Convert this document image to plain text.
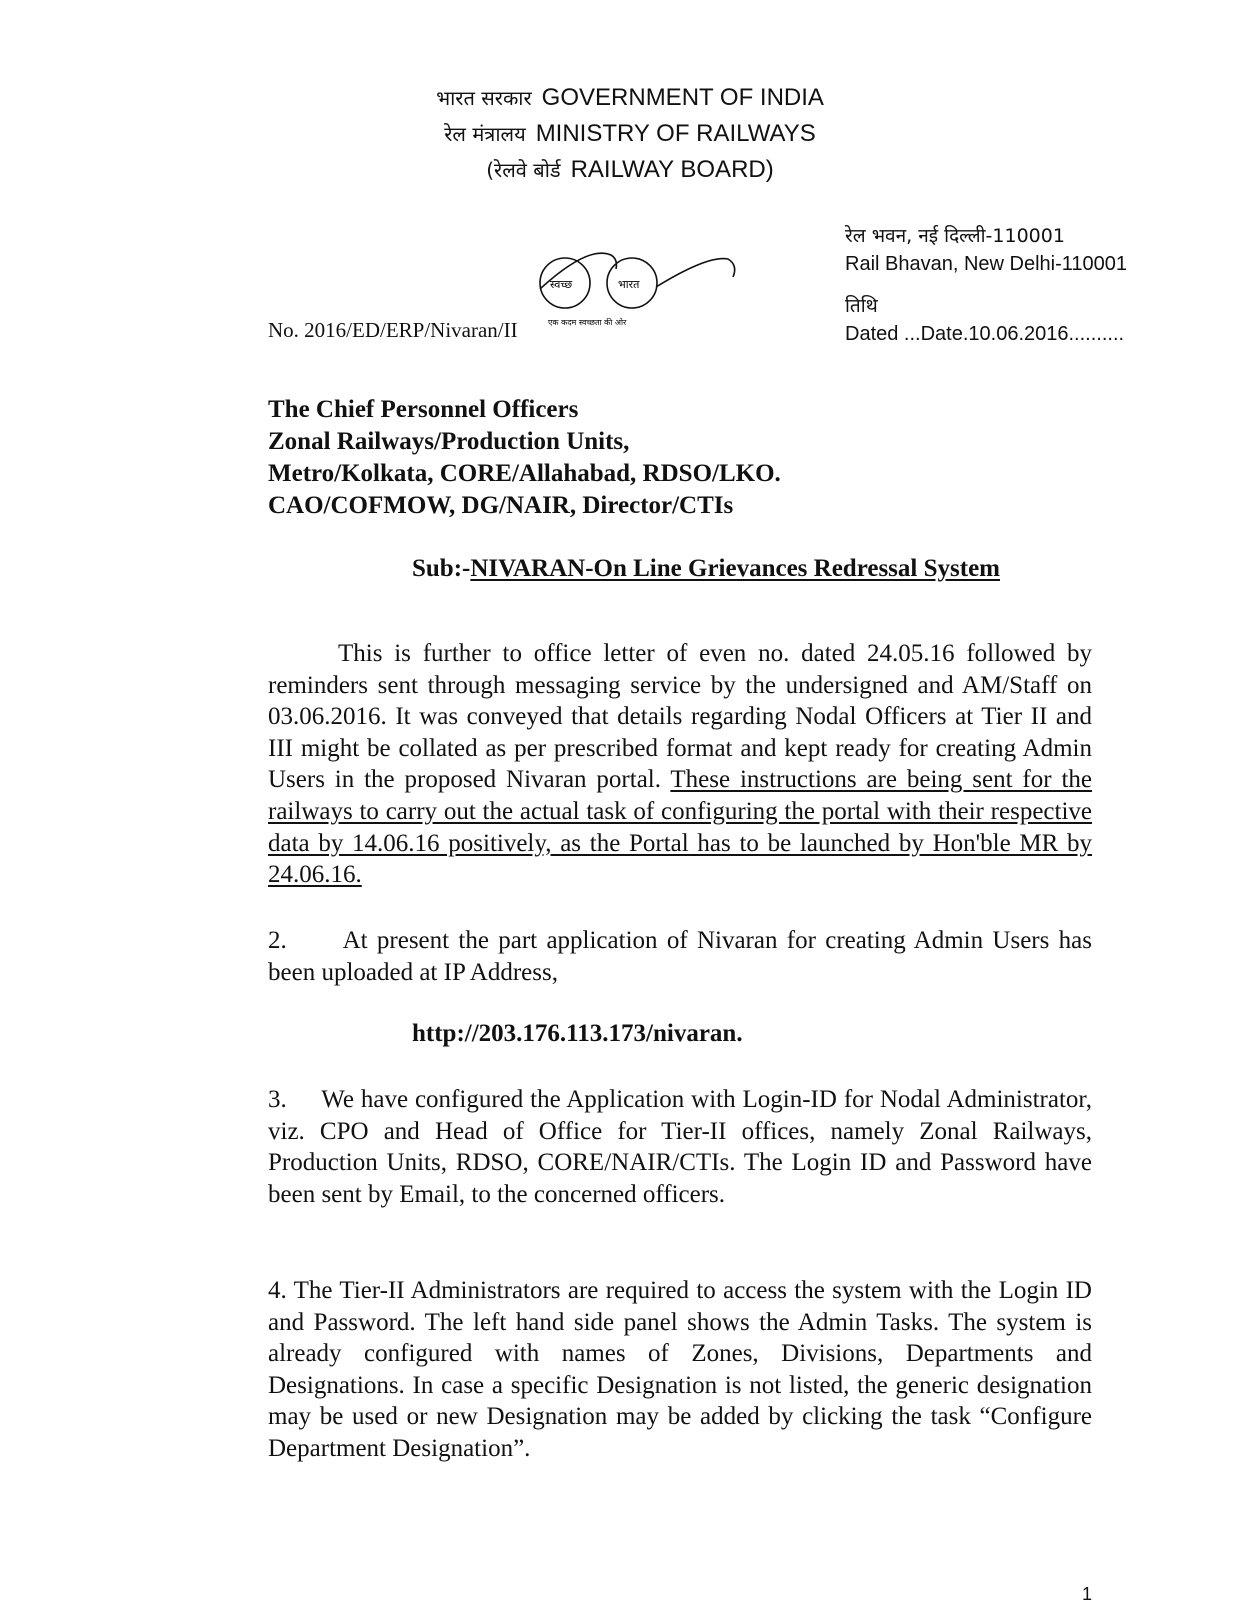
भारत सरकार GOVERNMENT OF INDIA
रेल मंत्रालय MINISTRY OF RAILWAYS
(रेलवे बोर्ड RAILWAY BOARD)
स्वच्छ	भारत
एक कदम स्वच्छता की ओर
रेल भवन, नई दिल्ली-110001
Rail Bhavan, New Delhi-110001
तिथि
Dated ...Date.10.06.2016..........
No. 2016/ED/ERP/Nivaran/II
The Chief Personnel Officers
Zonal Railways/Production Units,
Metro/Kolkata, CORE/Allahabad, RDSO/LKO.
CAO/COFMOW, DG/NAIR, Director/CTIs
Sub:-NIVARAN-On Line Grievances Redressal System
This is further to office letter of even no. dated 24.05.16 followed by reminders sent through messaging service by the undersigned and AM/Staff on 03.06.2016. It was conveyed that details regarding Nodal Officers at Tier II and III might be collated as per prescribed format and kept ready for creating Admin Users in the proposed Nivaran portal. These instructions are being sent for the railways to carry out the actual task of configuring the portal with their respective data by 14.06.16 positively, as the Portal has to be launched by Hon'ble MR by 24.06.16.
2.      At present the part application of Nivaran for creating Admin Users has been uploaded at IP Address,
http://203.176.113.173/nivaran.
3.     We have configured the Application with Login-ID for Nodal Administrator, viz. CPO and Head of Office for Tier-II offices, namely Zonal Railways, Production Units, RDSO, CORE/NAIR/CTIs. The Login ID and Password have been sent by Email, to the concerned officers.
4. The Tier-II Administrators are required to access the system with the Login ID and Password. The left hand side panel shows the Admin Tasks. The system is already configured with names of Zones, Divisions, Departments and Designations. In case a specific Designation is not listed, the generic designation may be used or new Designation may be added by clicking the task “Configure Department Designation”.
1
